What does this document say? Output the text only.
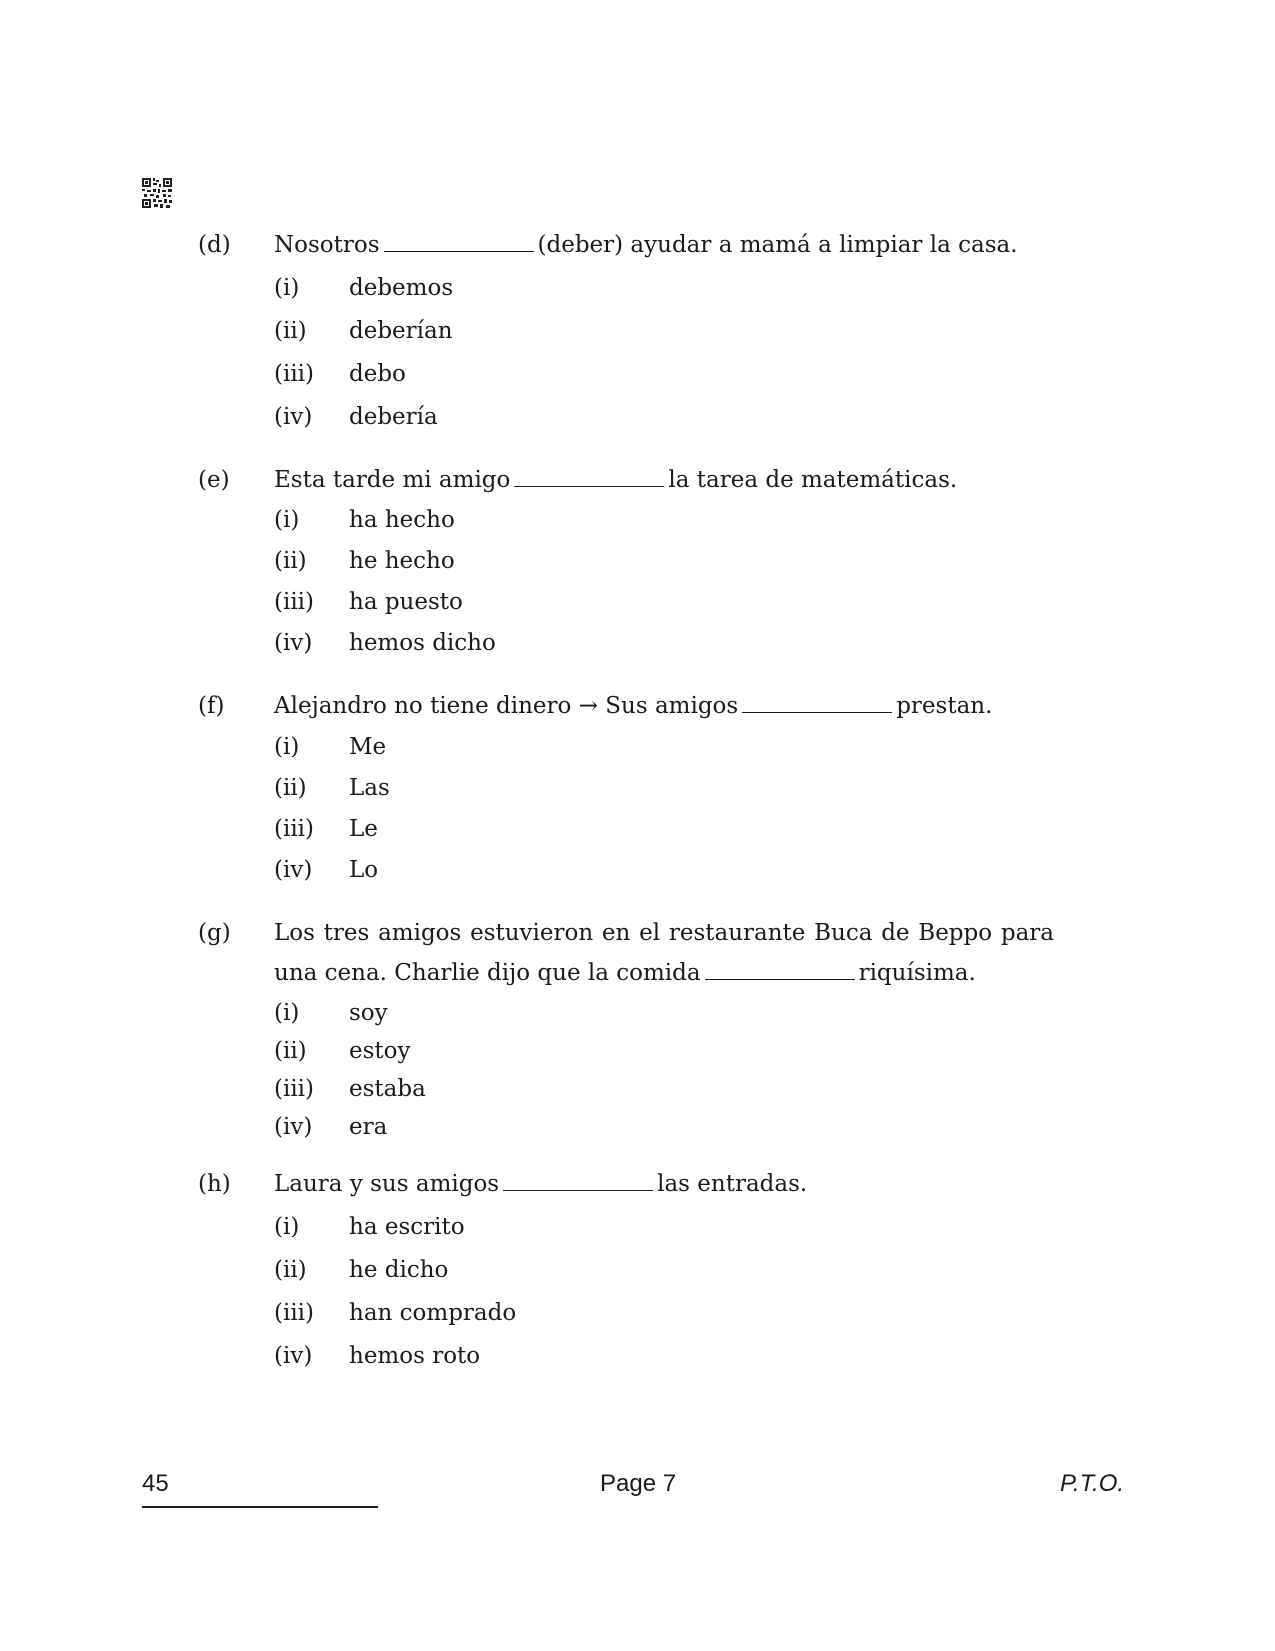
(d) Nosotros	(deber) ayudar a mamá a limpiar la casa.
(i) debemos
(ii) deberían
(iii) debo
(iv) debería
(e) Esta tarde mi amigo	la tarea de matemáticas.
(i) ha hecho
(ii) he hecho
(iii) ha puesto
(iv) hemos dicho
(f) Alejandro no tiene dinero → Sus amigos	prestan.
(i) Me
(ii) Las
(iii) Le
(iv) Lo
(g) Los tres amigos estuvieron en el restaurante Buca de Beppo para una cena. Charlie dijo que la comida	riquísima.
(i) soy
(ii) estoy
(iii) estaba
(iv) era
(h) Laura y sus amigos	las entradas.
(i) ha escrito
(ii) he dicho
(iii) han comprado
(iv) hemos roto
45	Page 7	P.T.O.
